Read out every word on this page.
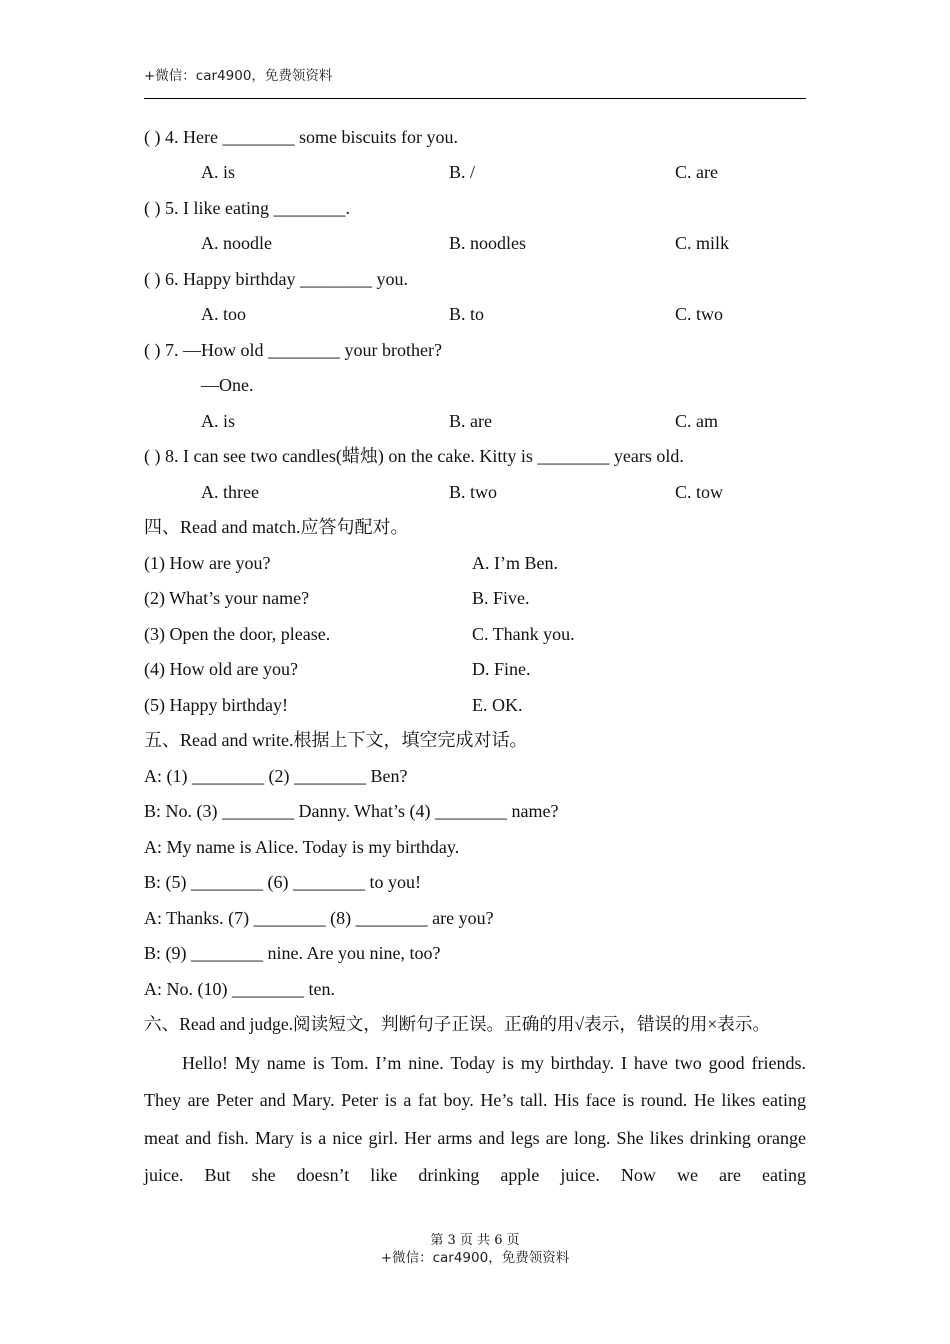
+微信：car4900，免费领资料
( ) 4. Here ________ some biscuits for you.
A. is	B. /	C. are
( ) 5. I like eating ________.
A. noodle	B. noodles	C. milk
( ) 6. Happy birthday ________ you.
A. too	B. to	C. two
( ) 7. —How old ________ your brother?
—One.
A. is	B. are	C. am
( ) 8. I can see two candles(蜡烛) on the cake. Kitty is ________ years old.
A. three	B. two	C. tow
四、Read and match.应答句配对。
(1) How are you?	A. I’m Ben.
(2) What’s your name?	B. Five.
(3) Open the door, please.	C. Thank you.
(4) How old are you?	D. Fine.
(5) Happy birthday!	E. OK.
五、Read and write.根据上下文，填空完成对话。
A: (1) ________ (2) ________ Ben?
B: No. (3) ________ Danny. What’s (4) ________ name?
A: My name is Alice. Today is my birthday.
B: (5) ________ (6) ________ to you!
A: Thanks. (7) ________ (8) ________ are you?
B: (9) ________ nine. Are you nine, too?
A: No. (10) ________ ten.
六、Read and judge.阅读短文，判断句子正误。正确的用√表示，错误的用×表示。

Hello! My name is Tom. I’m nine. Today is my birthday. I have two good friends. They are Peter and Mary. Peter is a fat boy. He’s tall. His face is round. He likes eating meat and fish. Mary is a nice girl. Her arms and legs are long. She likes drinking orange juice. But she doesn’t like drinking apple juice. Now we are eating

第 3 页 共 6 页
+微信：car4900，免费领资料
